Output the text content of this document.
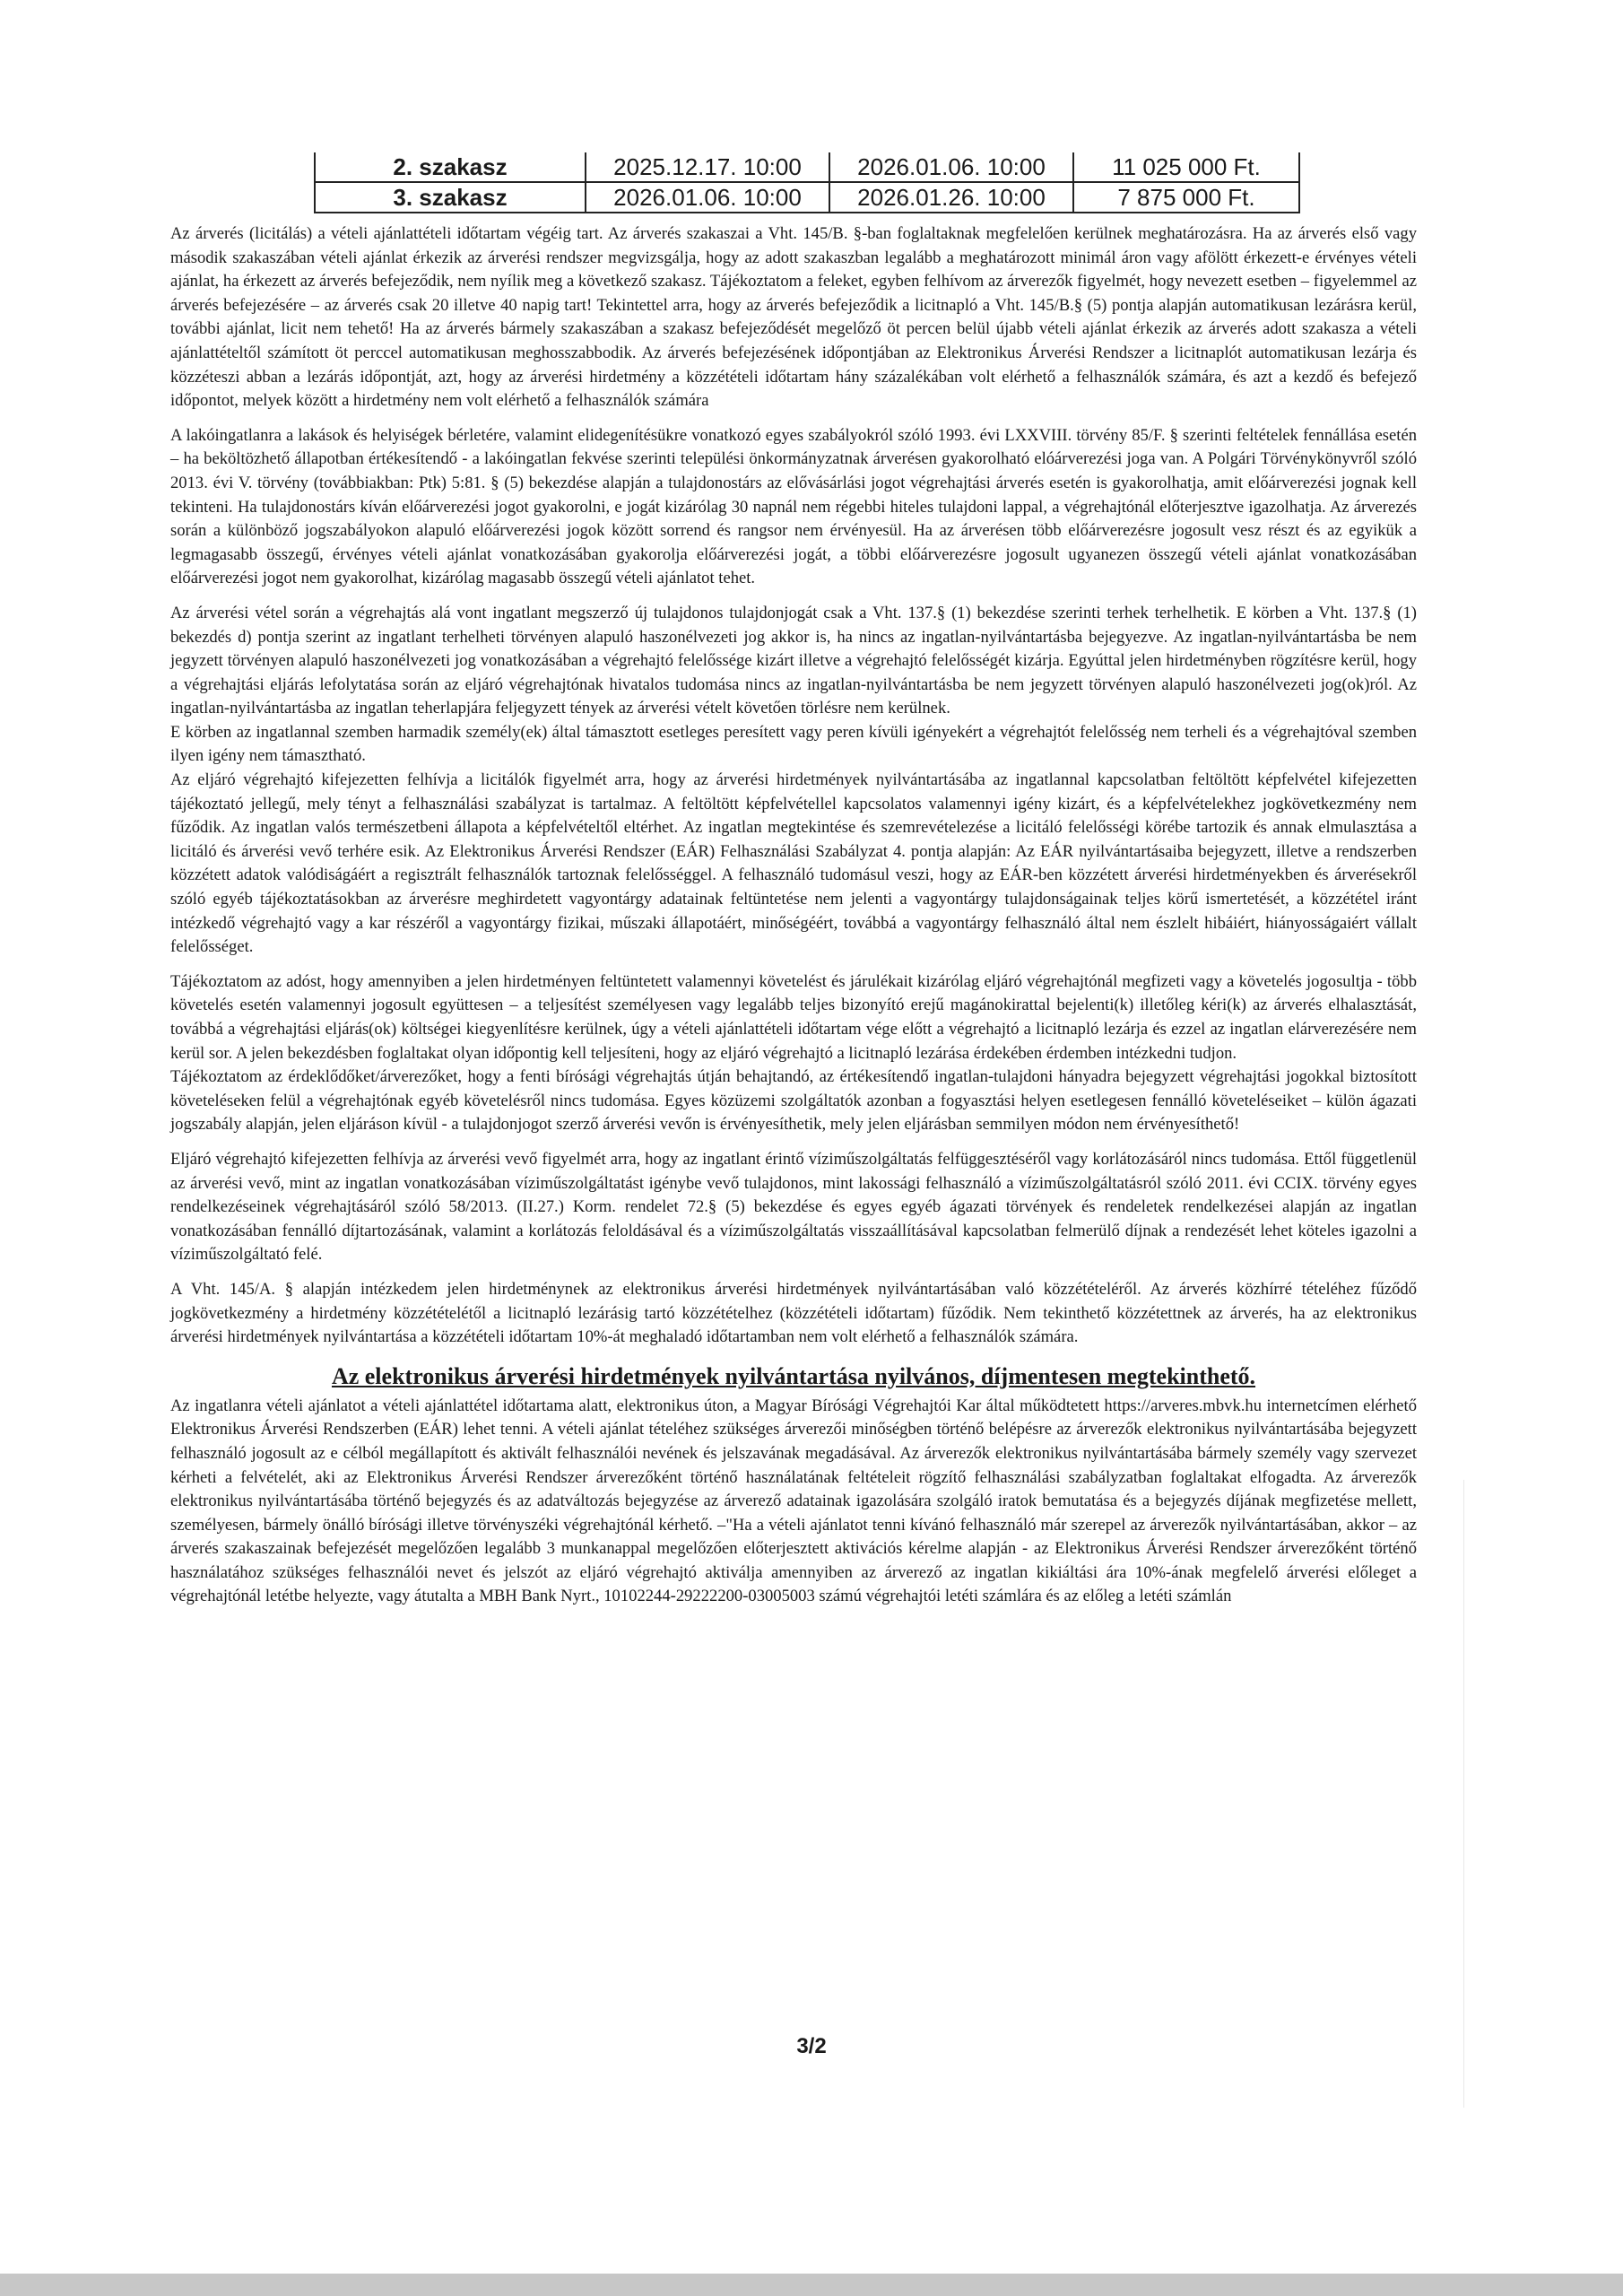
2. szakasz	2025.12.17. 10:00	2026.01.06. 10:00	11 025 000 Ft.
3. szakasz	2026.01.06. 10:00	2026.01.26. 10:00	7 875 000 Ft.

Az árverés (licitálás) a vételi ajánlattételi időtartam végéig tart. Az árverés szakaszai a Vht. 145/B. §-ban foglaltaknak megfelelően kerülnek meghatározásra. Ha az árverés első vagy második szakaszában vételi ajánlat érkezik az árverési rendszer megvizsgálja, hogy az adott szakaszban legalább a meghatározott minimál áron vagy afölött érkezett-e érvényes vételi ajánlat, ha érkezett az árverés befejeződik, nem nyílik meg a következő szakasz. Tájékoztatom a feleket, egyben felhívom az árverezők figyelmét, hogy nevezett esetben – figyelemmel az árverés befejezésére – az árverés csak 20 illetve 40 napig tart! Tekintettel arra, hogy az árverés befejeződik a licitnapló a Vht. 145/B.§ (5) pontja alapján automatikusan lezárásra kerül, további ajánlat, licit nem tehető! Ha az árverés bármely szakaszában a szakasz befejeződését megelőző öt percen belül újabb vételi ajánlat érkezik az árverés adott szakasza a vételi ajánlattételtől számított öt perccel automatikusan meghosszabbodik. Az árverés befejezésének időpontjában az Elektronikus Árverési Rendszer a licitnaplót automatikusan lezárja és közzéteszi abban a lezárás időpontját, azt, hogy az árverési hirdetmény a közzétételi időtartam hány százalékában volt elérhető a felhasználók számára, és azt a kezdő és befejező időpontot, melyek között a hirdetmény nem volt elérhető a felhasználók számára

A lakóingatlanra a lakások és helyiségek bérletére, valamint elidegenítésükre vonatkozó egyes szabályokról szóló 1993. évi LXXVIII. törvény 85/F. § szerinti feltételek fennállása esetén – ha beköltözhető állapotban értékesítendő - a lakóingatlan fekvése szerinti települési önkormányzatnak árverésen gyakorolható elóárverezési joga van. A Polgári Törvénykönyvről szóló 2013. évi V. törvény (továbbiakban: Ptk) 5:81. § (5) bekezdése alapján a tulajdonostárs az elővásárlási jogot végrehajtási árverés esetén is gyakorolhatja, amit előárverezési jognak kell tekinteni. Ha tulajdonostárs kíván előárverezési jogot gyakorolni, e jogát kizárólag 30 napnál nem régebbi hiteles tulajdoni lappal, a végrehajtónál előterjesztve igazolhatja. Az árverezés során a különböző jogszabályokon alapuló előárverezési jogok között sorrend és rangsor nem érvényesül. Ha az árverésen több előárverezésre jogosult vesz részt és az egyikük a legmagasabb összegű, érvényes vételi ajánlat vonatkozásában gyakorolja előárverezési jogát, a többi előárverezésre jogosult ugyanezen összegű vételi ajánlat vonatkozásában előárverezési jogot nem gyakorolhat, kizárólag magasabb összegű vételi ajánlatot tehet.

Az árverési vétel során a végrehajtás alá vont ingatlant megszerző új tulajdonos tulajdonjogát csak a Vht. 137.§ (1) bekezdése szerinti terhek terhelhetik. E körben a Vht. 137.§ (1) bekezdés d) pontja szerint az ingatlant terhelheti törvényen alapuló haszonélvezeti jog akkor is, ha nincs az ingatlan-nyilvántartásba bejegyezve. Az ingatlan-nyilvántartásba be nem jegyzett törvényen alapuló haszonélvezeti jog vonatkozásában a végrehajtó felelőssége kizárt illetve a végrehajtó felelősségét kizárja. Egyúttal jelen hirdetményben rögzítésre kerül, hogy a végrehajtási eljárás lefolytatása során az eljáró végrehajtónak hivatalos tudomása nincs az ingatlan-nyilvántartásba be nem jegyzett törvényen alapuló haszonélvezeti jog(ok)ról. Az ingatlan-nyilvántartásba az ingatlan teherlapjára feljegyzett tények az árverési vételt követően törlésre nem kerülnek.

E körben az ingatlannal szemben harmadik személy(ek) által támasztott esetleges peresített vagy peren kívüli igényekért a végrehajtót felelősség nem terheli és a végrehajtóval szemben ilyen igény nem támasztható.

Az eljáró végrehajtó kifejezetten felhívja a licitálók figyelmét arra, hogy az árverési hirdetmények nyilvántartásába az ingatlannal kapcsolatban feltöltött képfelvétel kifejezetten tájékoztató jellegű, mely tényt a felhasználási szabályzat is tartalmaz. A feltöltött képfelvétellel kapcsolatos valamennyi igény kizárt, és a képfelvételekhez jogkövetkezmény nem fűződik. Az ingatlan valós természetbeni állapota a képfelvételtől eltérhet. Az ingatlan megtekintése és szemrevételezése a licitáló felelősségi körébe tartozik és annak elmulasztása a licitáló és árverési vevő terhére esik. Az Elektronikus Árverési Rendszer (EÁR) Felhasználási Szabályzat 4. pontja alapján: Az EÁR nyilvántartásaiba bejegyzett, illetve a rendszerben közzétett adatok valódiságáért a regisztrált felhasználók tartoznak felelősséggel. A felhasználó tudomásul veszi, hogy az EÁR-ben közzétett árverési hirdetményekben és árverésekről szóló egyéb tájékoztatásokban az árverésre meghirdetett vagyontárgy adatainak feltüntetése nem jelenti a vagyontárgy tulajdonságainak teljes körű ismertetését, a közzététel iránt intézkedő végrehajtó vagy a kar részéről a vagyontárgy fizikai, műszaki állapotáért, minőségéért, továbbá a vagyontárgy felhasználó által nem észlelt hibáiért, hiányosságaiért vállalt felelősséget.

Tájékoztatom az adóst, hogy amennyiben a jelen hirdetményen feltüntetett valamennyi követelést és járulékait kizárólag eljáró végrehajtónál megfizeti vagy a követelés jogosultja - több követelés esetén valamennyi jogosult együttesen – a teljesítést személyesen vagy legalább teljes bizonyító erejű magánokirattal bejelenti(k) illetőleg kéri(k) az árverés elhalasztását, továbbá a végrehajtási eljárás(ok) költségei kiegyenlítésre kerülnek, úgy a vételi ajánlattételi időtartam vége előtt a végrehajtó a licitnapló lezárja és ezzel az ingatlan elárverezésére nem kerül sor. A jelen bekezdésben foglaltakat olyan időpontig kell teljesíteni, hogy az eljáró végrehajtó a licitnapló lezárása érdekében érdemben intézkedni tudjon.

Tájékoztatom az érdeklődőket/árverezőket, hogy a fenti bírósági végrehajtás útján behajtandó, az értékesítendő ingatlan-tulajdoni hányadra bejegyzett végrehajtási jogokkal biztosított követeléseken felül a végrehajtónak egyéb követelésről nincs tudomása. Egyes közüzemi szolgáltatók azonban a fogyasztási helyen esetlegesen fennálló követeléseiket – külön ágazati jogszabály alapján, jelen eljáráson kívül - a tulajdonjogot szerző árverési vevőn is érvényesíthetik, mely jelen eljárásban semmilyen módon nem érvényesíthető!

Eljáró végrehajtó kifejezetten felhívja az árverési vevő figyelmét arra, hogy az ingatlant érintő víziműszolgáltatás felfüggesztéséről vagy korlátozásáról nincs tudomása. Ettől függetlenül az árverési vevő, mint az ingatlan vonatkozásában víziműszolgáltatást igénybe vevő tulajdonos, mint lakossági felhasználó a víziműszolgáltatásról szóló 2011. évi CCIX. törvény egyes rendelkezéseinek végrehajtásáról szóló 58/2013. (II.27.) Korm. rendelet 72.§ (5) bekezdése és egyes egyéb ágazati törvények és rendeletek rendelkezései alapján az ingatlan vonatkozásában fennálló díjtartozásának, valamint a korlátozás feloldásával és a víziműszolgáltatás visszaállításával kapcsolatban felmerülő díjnak a rendezését lehet köteles igazolni a víziműszolgáltató felé.

A Vht. 145/A. § alapján intézkedem jelen hirdetménynek az elektronikus árverési hirdetmények nyilvántartásában való közzétételéről. Az árverés közhírré tételéhez fűződő jogkövetkezmény a hirdetmény közzétételétől a licitnapló lezárásig tartó közzétételhez (közzétételi időtartam) fűződik. Nem tekinthető közzétettnek az árverés, ha az elektronikus árverési hirdetmények nyilvántartása a közzétételi időtartam 10%-át meghaladó időtartamban nem volt elérhető a felhasználók számára.

Az elektronikus árverési hirdetmények nyilvántartása nyilvános, díjmentesen megtekinthető.

Az ingatlanra vételi ajánlatot a vételi ajánlattétel időtartama alatt, elektronikus úton, a Magyar Bírósági Végrehajtói Kar által működtetett https://arveres.mbvk.hu internetcímen elérhető Elektronikus Árverési Rendszerben (EÁR) lehet tenni. A vételi ajánlat tételéhez szükséges árverezői minőségben történő belépésre az árverezők elektronikus nyilvántartásába bejegyzett felhasználó jogosult az e célból megállapított és aktivált felhasználói nevének és jelszavának megadásával. Az árverezők elektronikus nyilvántartásába bármely személy vagy szervezet kérheti a felvételét, aki az Elektronikus Árverési Rendszer árverezőként történő használatának feltételeit rögzítő felhasználási szabályzatban foglaltakat elfogadta. Az árverezők elektronikus nyilvántartásába történő bejegyzés és az adatváltozás bejegyzése az árverező adatainak igazolására szolgáló iratok bemutatása és a bejegyzés díjának megfizetése mellett, személyesen, bármely önálló bírósági illetve törvényszéki végrehajtónál kérhető. –"Ha a vételi ajánlatot tenni kívánó felhasználó már szerepel az árverezők nyilvántartásában, akkor – az árverés szakaszainak befejezését megelőzően legalább 3 munkanappal megelőzően előterjesztett aktivációs kérelme alapján - az Elektronikus Árverési Rendszer árverezőként történő használatához szükséges felhasználói nevet és jelszót az eljáró végrehajtó aktiválja amennyiben az árverező az ingatlan kikiáltási ára 10%-ának megfelelő árverési előleget a végrehajtónál letétbe helyezte, vagy átutalta a MBH Bank Nyrt., 10102244-29222200-03005003 számú végrehajtói letéti számlára és az előleg a letéti számlán

3/2
